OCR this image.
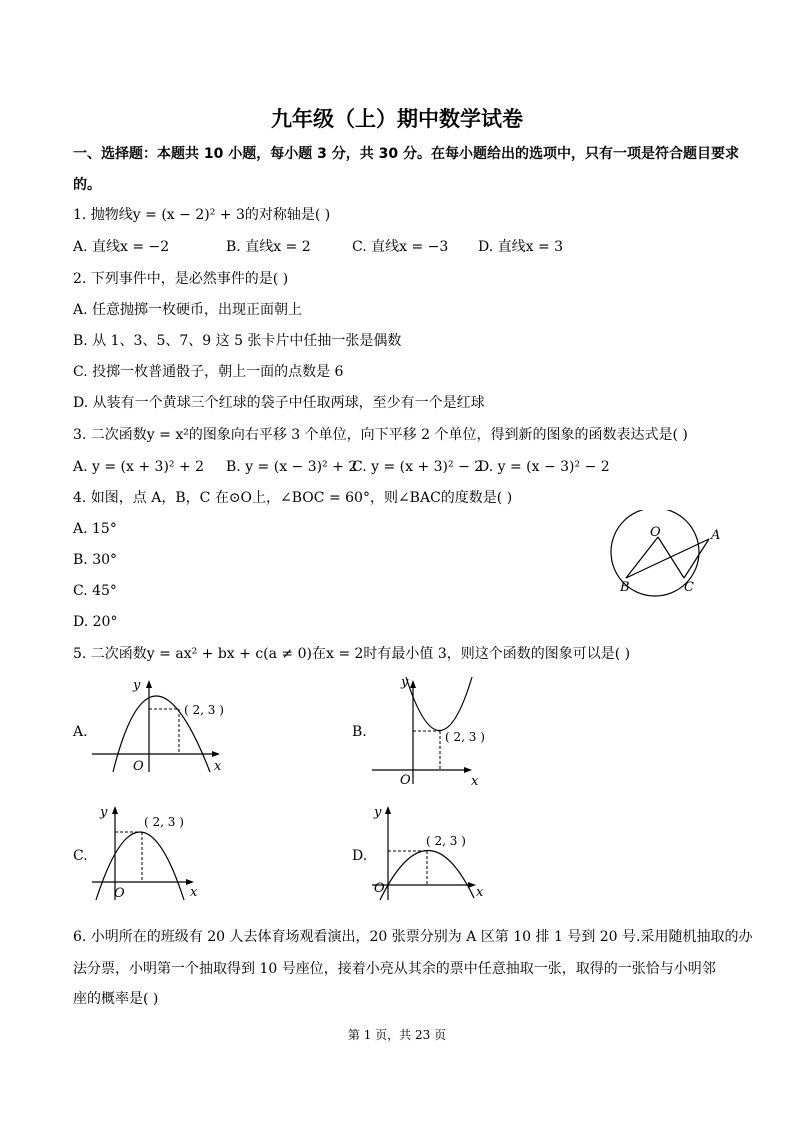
九年级（上）期中数学试卷
一、选择题：本题共 10 小题，每小题 3 分，共 30 分。在每小题给出的选项中，只有一项是符合题目要求
的。
1. 抛物线y = (x − 2)² + 3的对称轴是( )
A. 直线x = −2	B. 直线x = 2	C. 直线x = −3 D. 直线x = 3
2. 下列事件中，是必然事件的是( )
A. 任意抛掷一枚硬币，出现正面朝上
B. 从 1、3、5、7、9 这 5 张卡片中任抽一张是偶数
C. 投掷一枚普通骰子，朝上一面的点数是 6
D. 从装有一个黄球三个红球的袋子中任取两球，至少有一个是红球
3. 二次函数y = x²的图象向右平移 3 个单位，向下平移 2 个单位，得到新的图象的函数表达式是( )
A. y = (x + 3)² + 2 B. y = (x − 3)² + 2
C. y = (x + 3)² − 2
D. y = (x − 3)² − 2
4. 如图，点 A，B，C 在⊙O上，∠BOC = 60°，则∠BAC的度数是( )
A. 15°
B. 30°
C. 45°
D. 20°
O	A
B	C
5. 二次函数y = ax² + bx + c(a ≠ 0)在x = 2时有最小值 3，则这个函数的图象可以是( )
A.
( 2, 3 )
x
y
O
B.	( 2, 3 )
x
y
O
C.
( 2, 3 )
x
y
O
D.
( 2, 3 )
x
y
O
6. 小明所在的班级有 20 人去体育场观看演出，20 张票分别为 A 区第 10 排 1 号到 20 号.采用随机抽取的办
法分票，小明第一个抽取得到 10 号座位，接着小亮从其余的票中任意抽取一张，取得的一张恰与小明邻
座的概率是( )
第 1 页，共 23 页
